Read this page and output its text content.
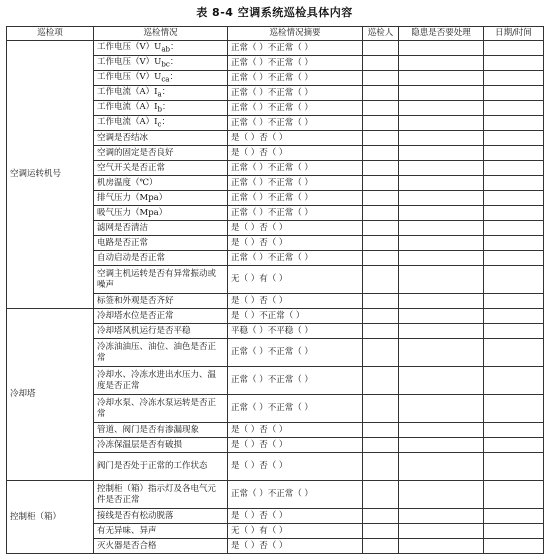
表 8-4 空调系统巡检具体内容
巡检项	巡检情况	巡检情况摘要	巡检人	隐患是否要处理	日期/时间
空调运转机号	工作电压$(V)U_{ab}$：	正常（ ）不正常（ ）			
	工作电压$(V)U_{bc}$：	正常（ ）不正常（ ）			
	工作电压$(V)U_{ca}$：	正常（ ）不正常（ ）			
	工作电流$(A)I_a$：	正常（ ）不正常（ ）			
	工作电流$(A)I_b$：	正常（ ）不正常（ ）			
	工作电流$(A)I_c$：	正常（ ）不正常（ ）			
	空调是否结冰	是（ ）否（ ）			
	空调的固定是否良好	是（ ）否（ ）			
	空气开关是否正常	正常（ ）不正常（ ）			
	机房温度（℃）	正常（ ）不正常（ ）			
	排气压力（Mpa）	正常（ ）不正常（ ）			
	吸气压力（Mpa）	正常（ ）不正常（ ）			
	滤网是否清洁	是（ ）否（ ）			
	电路是否正常	是（ ）否（ ）			
	自动启动是否正常	正常（ ）不正常（ ）			
	空调主机运转是否有异常振动或噪声	无（ ）有（ ）			
	标签和外观是否齐好	是（ ）否（ ）			
冷却塔	冷却塔水位是否正常	是（ ）不正常（ ）			
	冷却塔风机运行是否平稳	平稳（ ）不平稳（ ）			
	冷冻油油压、油位、油色是否正常	正常（ ）不正常（ ）			
	冷却水、冷冻水进出水压力、温度是否正常	正常（ ）不正常（ ）			
	冷却水泵、冷冻水泵运转是否正常	正常（ ）不正常（ ）			
	管道、阀门是否有渗漏现象	是（ ）否（ ）			
	冷冻保温层是否有破损	是（ ）否（ ）			
	阀门是否处于正常的工作状态	是（ ）否（ ）			
控制柜（箱）	控制柜（箱）指示灯及各电气元件是否正常	正常（ ）不正常（ ）			
	接线是否有松动脱落	是（ ）否（ ）			
	有无异味、异声	无（ ）有（ ）			
	灭火器是否合格	是（ ）否（ ）			
